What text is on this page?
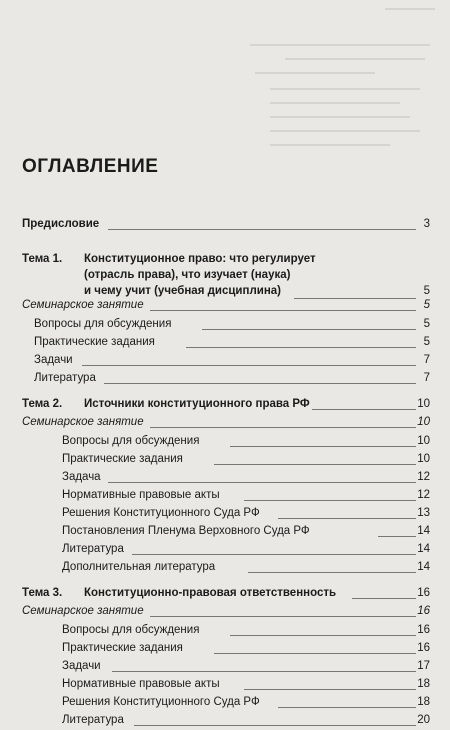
ОГЛАВЛЕНИЕ
Предисловие	3
Тема 1. Конституционное право: что регулирует
(отрасль права), что изучает (наука)
и чему учит (учебная дисциплина)	5
Семинарское занятие	5
Вопросы для обсуждения	5
Практические задания	5
Задачи	7
Литература	7
Тема 2. Источники конституционного права РФ	10
Семинарское занятие	10
Вопросы для обсуждения	10
Практические задания	10
Задача	12
Нормативные правовые акты	12
Решения Конституционного Суда РФ	13
Постановления Пленума Верховного Суда РФ	14
Литература	14
Дополнительная литература	14
Тема 3. Конституционно-правовая ответственность	16
Семинарское занятие	16
Вопросы для обсуждения	16
Практические задания	16
Задачи	17
Нормативные правовые акты	18
Решения Конституционного Суда РФ	18
Литература	20
